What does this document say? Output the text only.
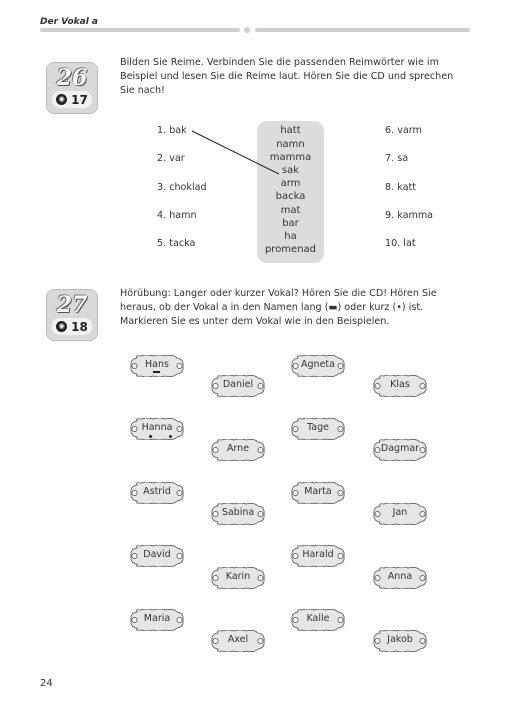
Der Vokal a
26
◉ 17
Bilden Sie Reime. Verbinden Sie die passenden Reimwörter wie im Beispiel und lesen Sie die Reime laut. Hören Sie die CD und sprechen Sie nach!
1. bak
2. var
3. choklad
4. hamn
5. tacka
hatt
namn
mamma
sak
arm
backa
mat
bar
ha
promenad
6. varm
7. sa
8. katt
9. kamma
10. lat
27
◉ 18
Hörübung: Langer oder kurzer Vokal? Hören Sie die CD! Hören Sie heraus, ob der Vokal a in den Namen lang (▬) oder kurz (•) ist. Markieren Sie es unter dem Vokal wie in den Beispielen.
Hans	Agneta
Daniel	Klas
Hanna	Tage
Arne	Dagmar
Astrid	Marta
Sabina	Jan
David	Harald
Karin	Anna
Maria	Kalle
Axel	Jakob
24
